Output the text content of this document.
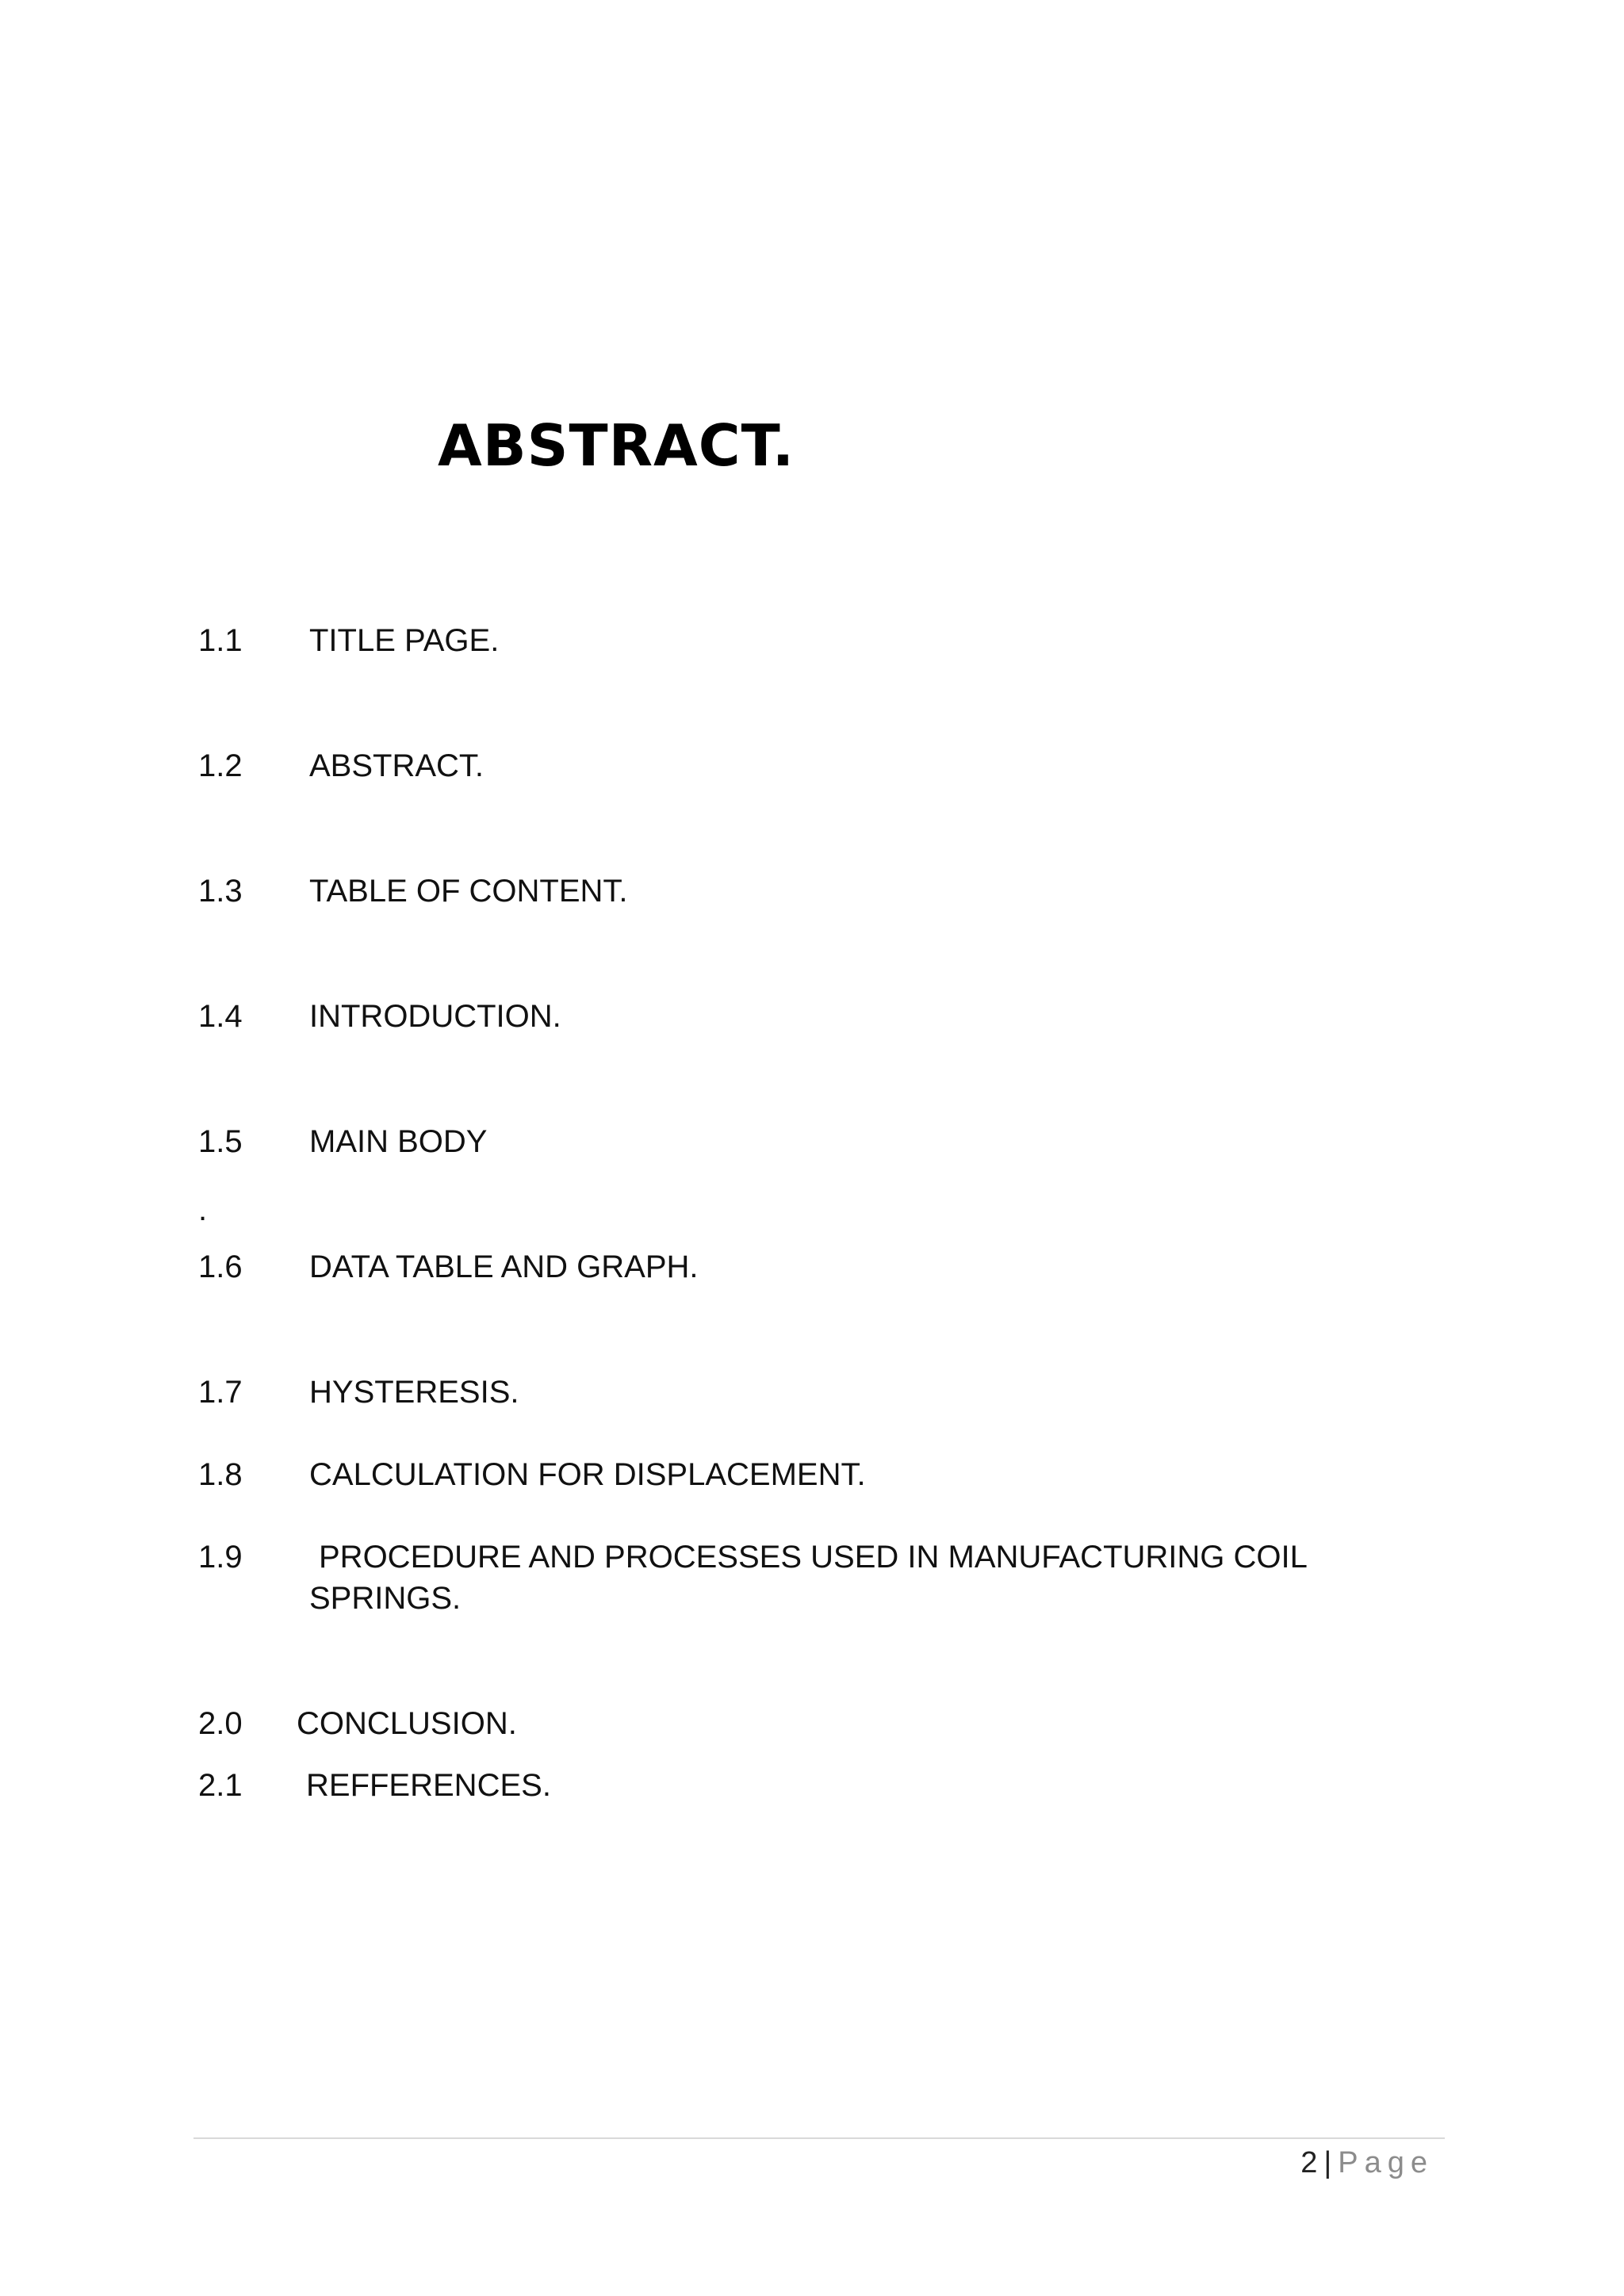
ABSTRACT.
1.1 TITLE PAGE.
1.2 ABSTRACT.
1.3 TABLE OF CONTENT.
1.4 INTRODUCTION.
1.5 MAIN BODY
.
1.6 DATA TABLE AND GRAPH.
1.7 HYSTERESIS.
1.8 CALCULATION FOR DISPLACEMENT.
1.9 PROCEDURE AND PROCESSES USED IN MANUFACTURING COIL
SPRINGS.
2.0 CONCLUSION.
2.1 REFFERENCES.
2 | Page
